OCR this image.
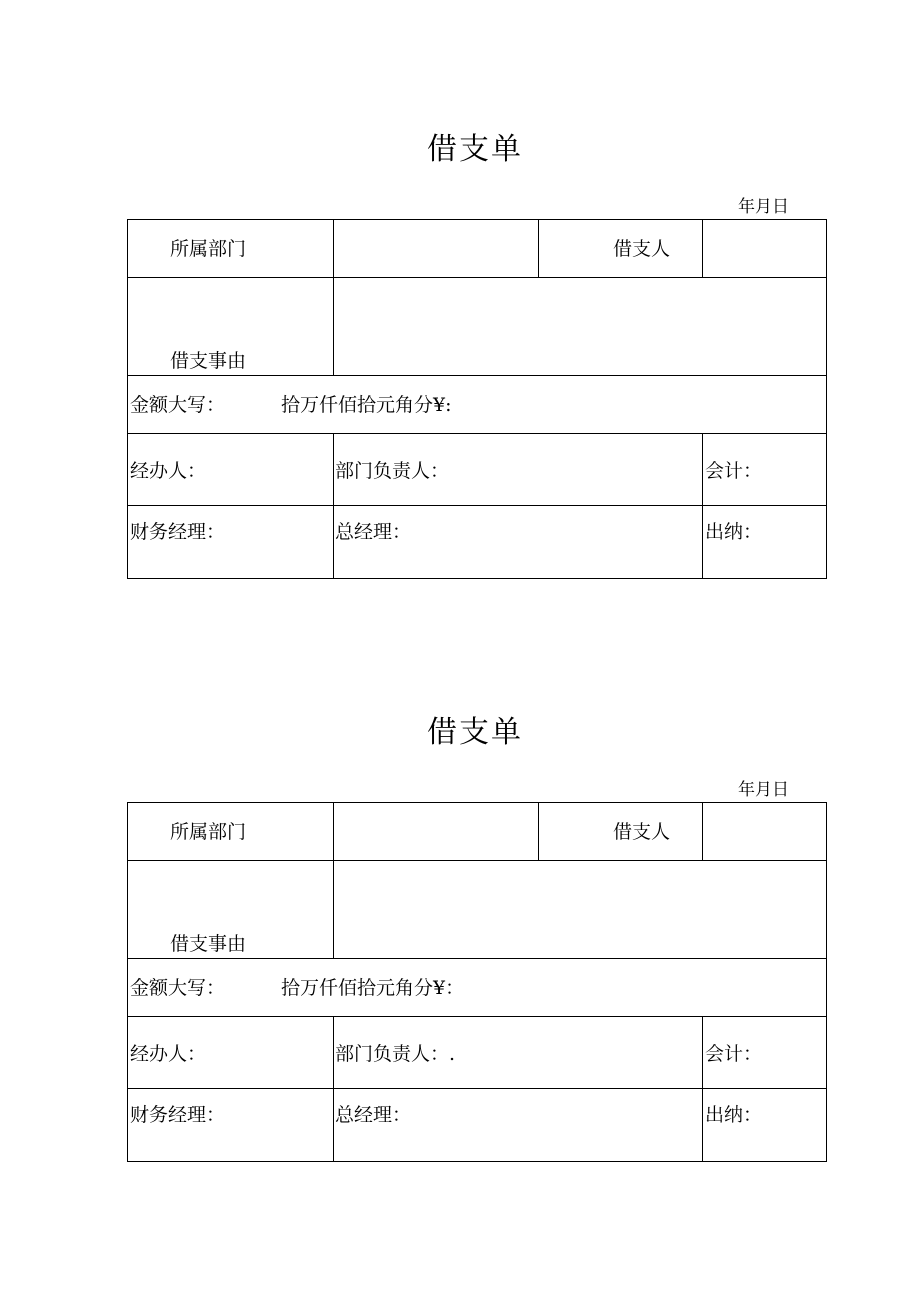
借支单
年月日
所属部门	借支人
借支事由
金额大写：	拾万仟佰拾元角分¥:
经办人：	部门负责人：	会计：
财务经理：	总经理：	出纳：
借支单
年月日
所属部门	借支人
借支事由
金额大写：	拾万仟佰拾元角分¥：
经办人：	部门负责人：.	会计：
财务经理：	总经理：	出纳：
